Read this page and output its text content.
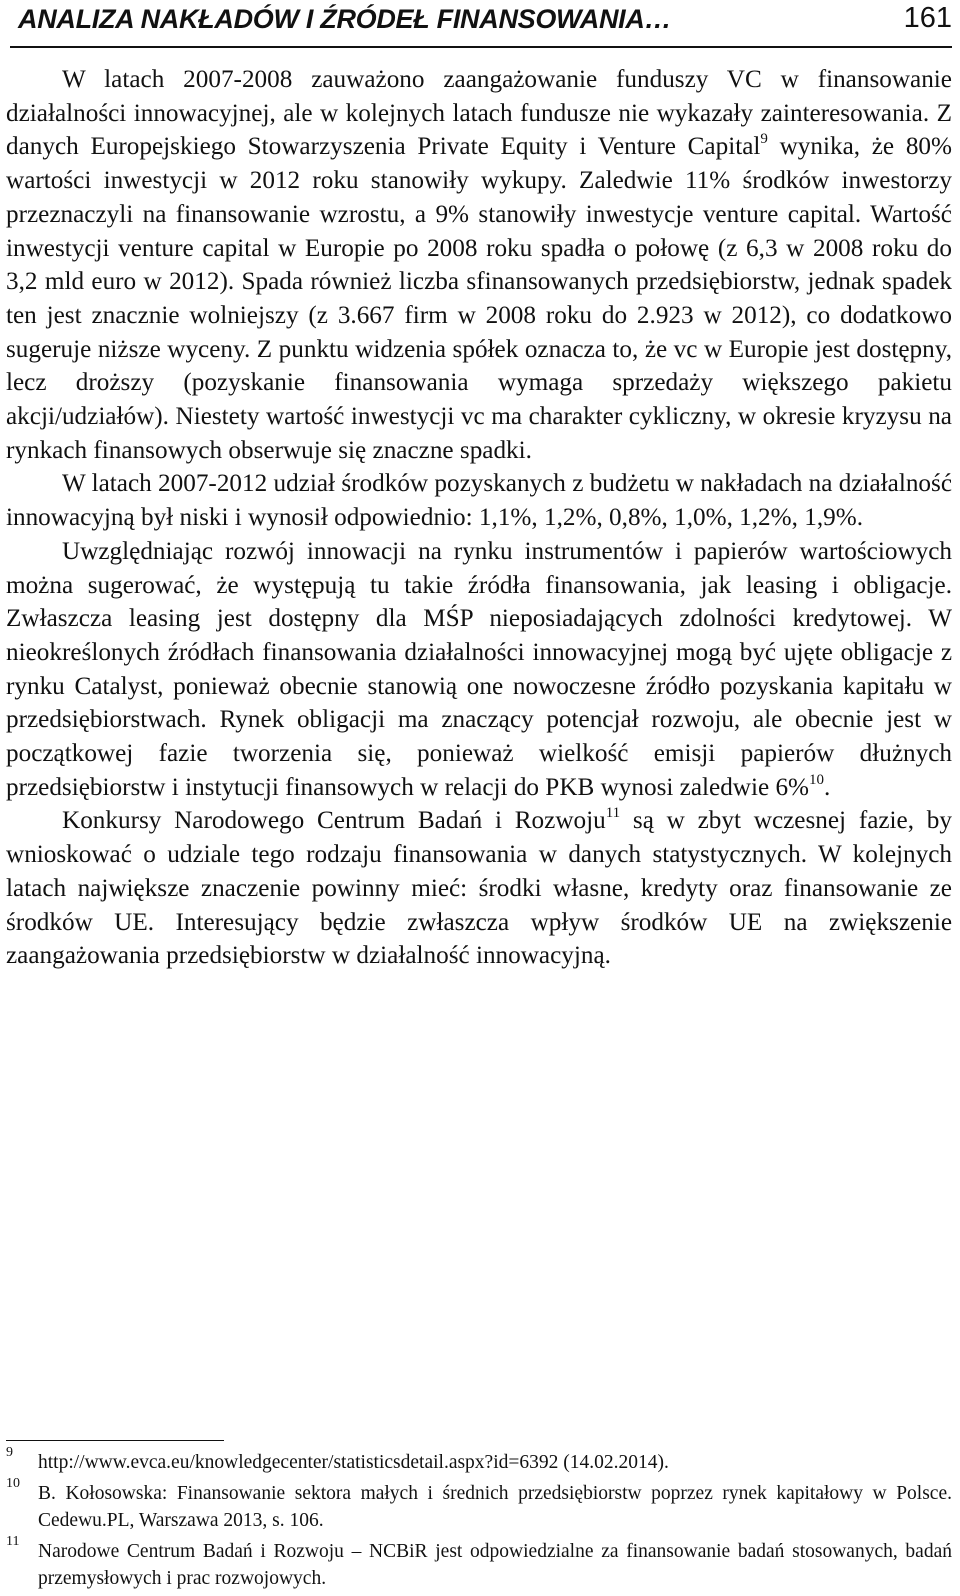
ANALIZA NAKŁADÓW I ŹRÓDEŁ FINANSOWANIA…	161

W latach 2007-2008 zauważono zaangażowanie funduszy VC w finansowanie działalności innowacyjnej, ale w kolejnych latach fundusze nie wykazały zainteresowania. Z danych Europejskiego Stowarzyszenia Private Equity i Venture Capital$^9$ wynika, że 80% wartości inwestycji w 2012 roku stanowiły wykupy. Zaledwie 11% środków inwestorzy przeznaczyli na finansowanie wzrostu, a 9% stanowiły inwestycje venture capital. Wartość inwestycji venture capital w Europie po 2008 roku spadła o połowę (z 6,3 w 2008 roku do 3,2 mld euro w 2012). Spada również liczba sfinansowanych przedsiębiorstw, jednak spadek ten jest znacznie wolniejszy (z 3.667 firm w 2008 roku do 2.923 w 2012), co dodatkowo sugeruje niższe wyceny. Z punktu widzenia spółek oznacza to, że vc w Europie jest dostępny, lecz droższy (pozyskanie finansowania wymaga sprzedaży większego pakietu akcji/udziałów). Niestety wartość inwestycji vc ma charakter cykliczny, w okresie kryzysu na rynkach finansowych obserwuje się znaczne spadki.

W latach 2007-2012 udział środków pozyskanych z budżetu w nakładach na działalność innowacyjną był niski i wynosił odpowiednio: 1,1%, 1,2%, 0,8%, 1,0%, 1,2%, 1,9%.

Uwzględniając rozwój innowacji na rynku instrumentów i papierów wartościowych można sugerować, że występują tu takie źródła finansowania, jak leasing i obligacje. Zwłaszcza leasing jest dostępny dla MŚP nieposiadających zdolności kredytowej. W nieokreślonych źródłach finansowania działalności innowacyjnej mogą być ujęte obligacje z rynku Catalyst, ponieważ obecnie stanowią one nowoczesne źródło pozyskania kapitału w przedsiębiorstwach. Rynek obligacji ma znaczący potencjał rozwoju, ale obecnie jest w początkowej fazie tworzenia się, ponieważ wielkość emisji papierów dłużnych przedsiębiorstw i instytucji finansowych w relacji do PKB wynosi zaledwie 6%$^{10}$.

Konkursy Narodowego Centrum Badań i Rozwoju$^{11}$ są w zbyt wczesnej fazie, by wnioskować o udziale tego rodzaju finansowania w danych statystycznych. W kolejnych latach największe znaczenie powinny mieć: środki własne, kredyty oraz finansowanie ze środków UE. Interesujący będzie zwłaszcza wpływ środków UE na zwiększenie zaangażowania przedsiębiorstw w działalność innowacyjną.

9 http://www.evca.eu/knowledgecenter/statisticsdetail.aspx?id=6392 (14.02.2014).
10 B. Kołosowska: Finansowanie sektora małych i średnich przedsiębiorstw poprzez rynek kapitałowy w Polsce. Cedewu.PL, Warszawa 2013, s. 106.
11 Narodowe Centrum Badań i Rozwoju – NCBiR jest odpowiedzialne za finansowanie badań stosowanych, badań przemysłowych i prac rozwojowych.
